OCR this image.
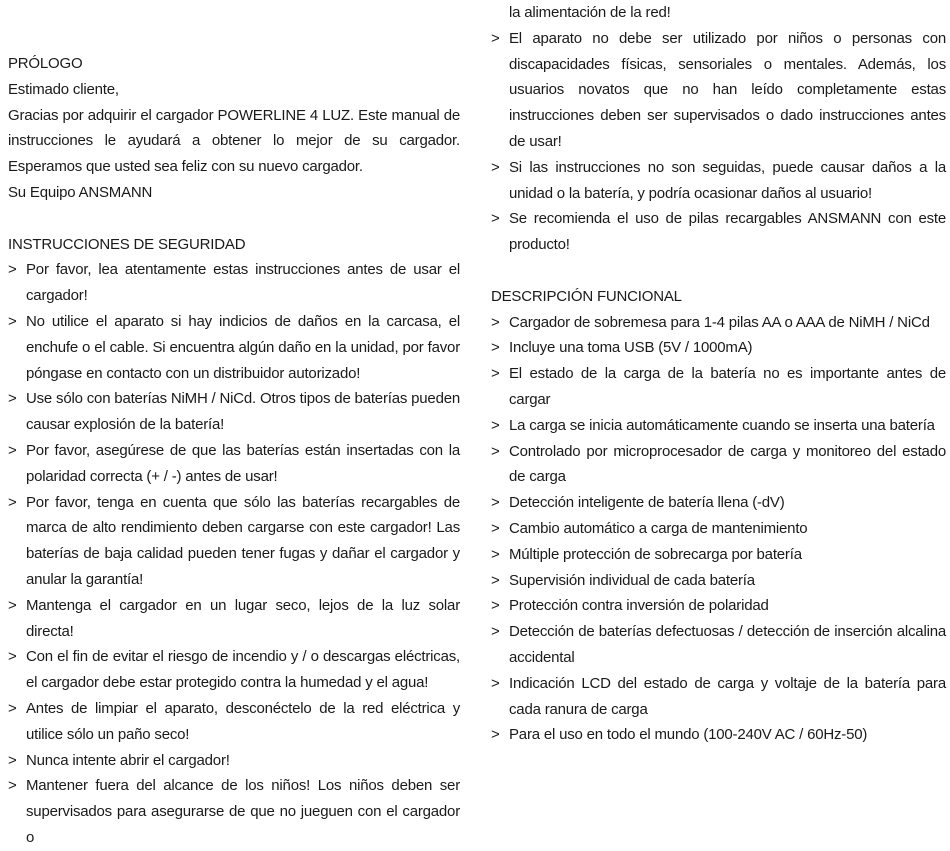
PRÓLOGO

Estimado cliente,

Gracias por adquirir el cargador POWERLINE 4 LUZ. Este manual de instrucciones le ayudará a obtener lo mejor de su cargador. Esperamos que usted sea feliz con su nuevo cargador.

Su Equipo ANSMANN

INSTRUCCIONES DE SEGURIDAD

> Por favor, lea atentamente estas instrucciones antes de usar el cargador!
> No utilice el aparato si hay indicios de daños en la carcasa, el enchufe o el cable. Si encuentra algún daño en la unidad, por favor póngase en contacto con un distribuidor autorizado!
> Use sólo con baterías NiMH / NiCd. Otros tipos de baterías pueden causar explosión de la batería!
> Por favor, asegúrese de que las baterías están insertadas con la polaridad correcta (+ / -) antes de usar!
> Por favor, tenga en cuenta que sólo las baterías recargables de marca de alto rendimiento deben cargarse con este cargador! Las baterías de baja calidad pueden tener fugas y dañar el cargador y anular la garantía!
> Mantenga el cargador en un lugar seco, lejos de la luz solar directa!
> Con el fin de evitar el riesgo de incendio y / o descargas eléctricas, el cargador debe estar protegido contra la humedad y el agua!
> Antes de limpiar el aparato, desconéctelo de la red eléctrica y utilice sólo un paño seco!
> Nunca intente abrir el cargador!
> Mantener fuera del alcance de los niños! Los niños deben ser supervisados para asegurarse de que no jueguen con el cargador o
la alimentación de la red!
> El aparato no debe ser utilizado por niños o personas con discapacidades físicas, sensoriales o mentales. Además, los usuarios novatos que no han leído completamente estas instrucciones deben ser supervisados o dado instrucciones antes de usar!
> Si las instrucciones no son seguidas, puede causar daños a la unidad o la batería, y podría ocasionar daños al usuario!
> Se recomienda el uso de pilas recargables ANSMANN con este producto!

DESCRIPCIÓN FUNCIONAL

> Cargador de sobremesa para 1-4 pilas AA o AAA de NiMH / NiCd
> Incluye una toma USB (5V / 1000mA)
> El estado de la carga de la batería no es importante antes de cargar
> La carga se inicia automáticamente cuando se inserta una batería
> Controlado por microprocesador de carga y monitoreo del estado de carga
> Detección inteligente de batería llena (-dV)
> Cambio automático a carga de mantenimiento
> Múltiple protección de sobrecarga por batería
> Supervisión individual de cada batería
> Protección contra inversión de polaridad
> Detección de baterías defectuosas / detección de inserción alcalina accidental
> Indicación LCD del estado de carga y voltaje de la batería para cada ranura de carga
> Para el uso en todo el mundo (100-240V AC / 60Hz-50)
